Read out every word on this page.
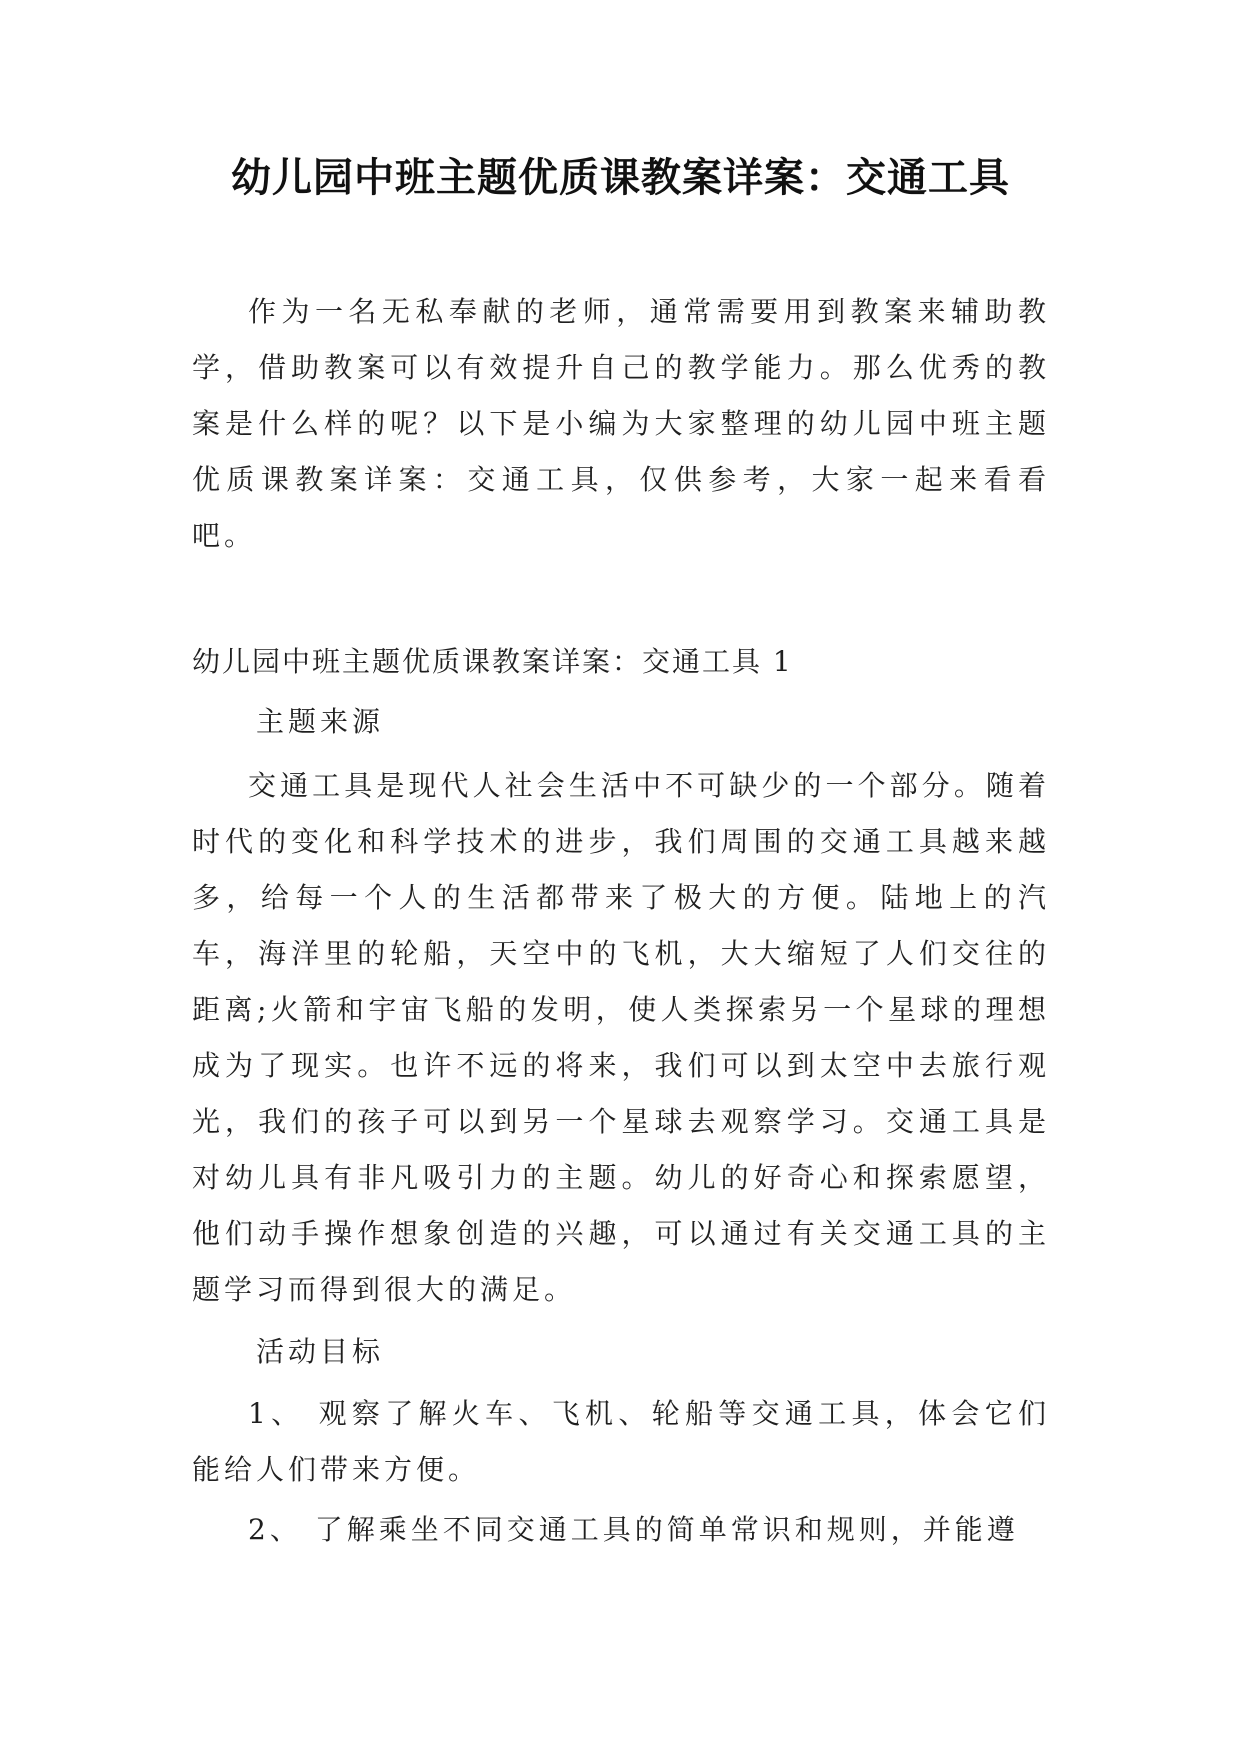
幼儿园中班主题优质课教案详案：交通工具

作为一名无私奉献的老师，通常需要用到教案来辅助教学，借助教案可以有效提升自己的教学能力。那么优秀的教案是什么样的呢？以下是小编为大家整理的幼儿园中班主题优质课教案详案：交通工具，仅供参考，大家一起来看看吧。

幼儿园中班主题优质课教案详案：交通工具 1
主题来源

交通工具是现代人社会生活中不可缺少的一个部分。随着时代的变化和科学技术的进步，我们周围的交通工具越来越多，给每一个人的生活都带来了极大的方便。陆地上的汽车，海洋里的轮船，天空中的飞机，大大缩短了人们交往的距离;火箭和宇宙飞船的发明，使人类探索另一个星球的理想成为了现实。也许不远的将来，我们可以到太空中去旅行观光，我们的孩子可以到另一个星球去观察学习。交通工具是对幼儿具有非凡吸引力的主题。幼儿的好奇心和探索愿望，他们动手操作想象创造的兴趣，可以通过有关交通工具的主题学习而得到很大的满足。

活动目标

1、 观察了解火车、飞机、轮船等交通工具，体会它们能给人们带来方便。

2、 了解乘坐不同交通工具的简单常识和规则，并能遵
